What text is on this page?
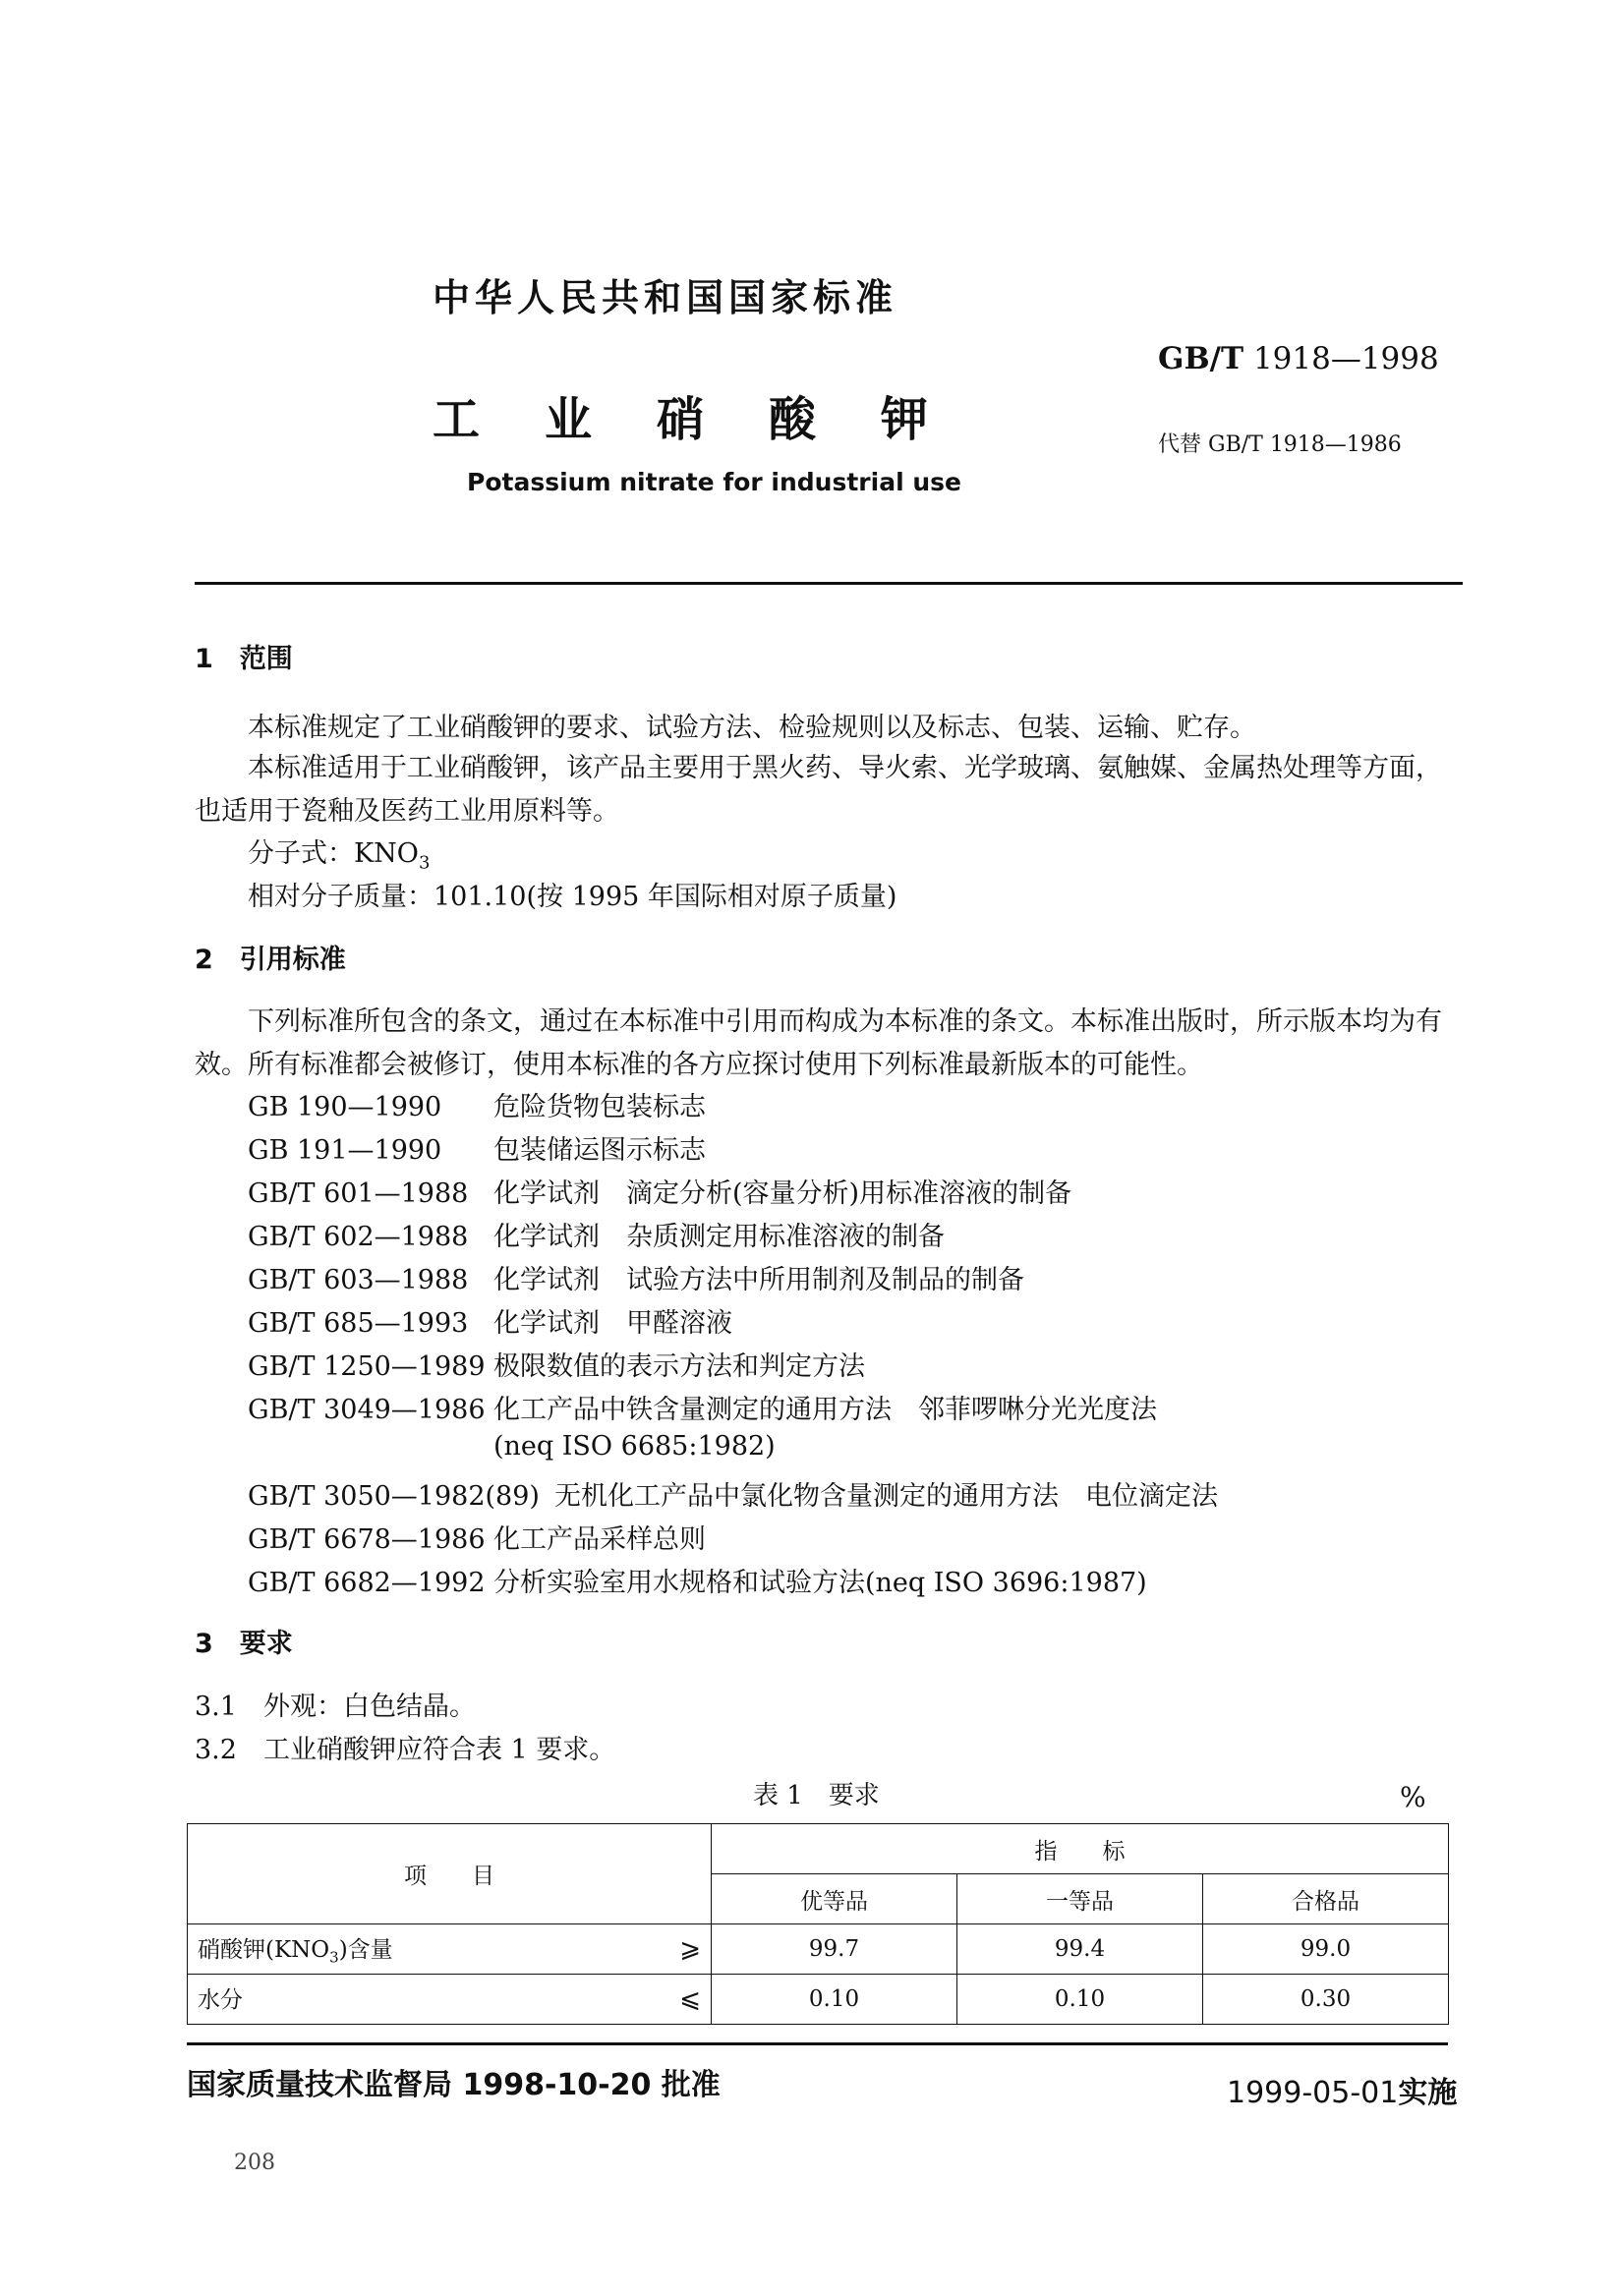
中华人民共和国国家标准
工业硝酸钾
Potassium nitrate for industrial use
GB/T 1918—1998
代替 GB/T 1918—1986
1　范围
本标准规定了工业硝酸钾的要求、试验方法、检验规则以及标志、包装、运输、贮存。
本标准适用于工业硝酸钾，该产品主要用于黑火药、导火索、光学玻璃、氨触媒、金属热处理等方面，也适用于瓷釉及医药工业用原料等。
分子式：$KNO_3$
相对分子质量：101.10(按 1995 年国际相对原子质量)
2　引用标准
下列标准所包含的条文，通过在本标准中引用而构成为本标准的条文。本标准出版时，所示版本均为有效。所有标准都会被修订，使用本标准的各方应探讨使用下列标准最新版本的可能性。
GB 190—1990 危险货物包装标志
GB 191—1990 包装储运图示标志
GB/T 601—1988 化学试剂　滴定分析(容量分析)用标准溶液的制备
GB/T 602—1988 化学试剂　杂质测定用标准溶液的制备
GB/T 603—1988 化学试剂　试验方法中所用制剂及制品的制备
GB/T 685—1993 化学试剂　甲醛溶液
GB/T 1250—1989 极限数值的表示方法和判定方法
GB/T 3049—1986 化工产品中铁含量测定的通用方法　邻菲啰啉分光光度法
(neq ISO 6685:1982)
GB/T 3050—1982(89) 无机化工产品中氯化物含量测定的通用方法　电位滴定法
GB/T 6678—1986 化工产品采样总则
GB/T 6682—1992 分析实验室用水规格和试验方法(neq ISO 3696:1987)
3　要求
3.1　外观：白色结晶。
3.2　工业硝酸钾应符合表 1 要求。
表 1　要求	%
项　　目	指　　标		
	优等品	一等品	合格品

硝酸钾$(KNO_3)$含量 ⩾	99.7	99.4	99.0

水分 ⩽	0.10	0.10	0.30
国家质量技术监督局 1998-10-20 批准	1999-05-01实施
208
